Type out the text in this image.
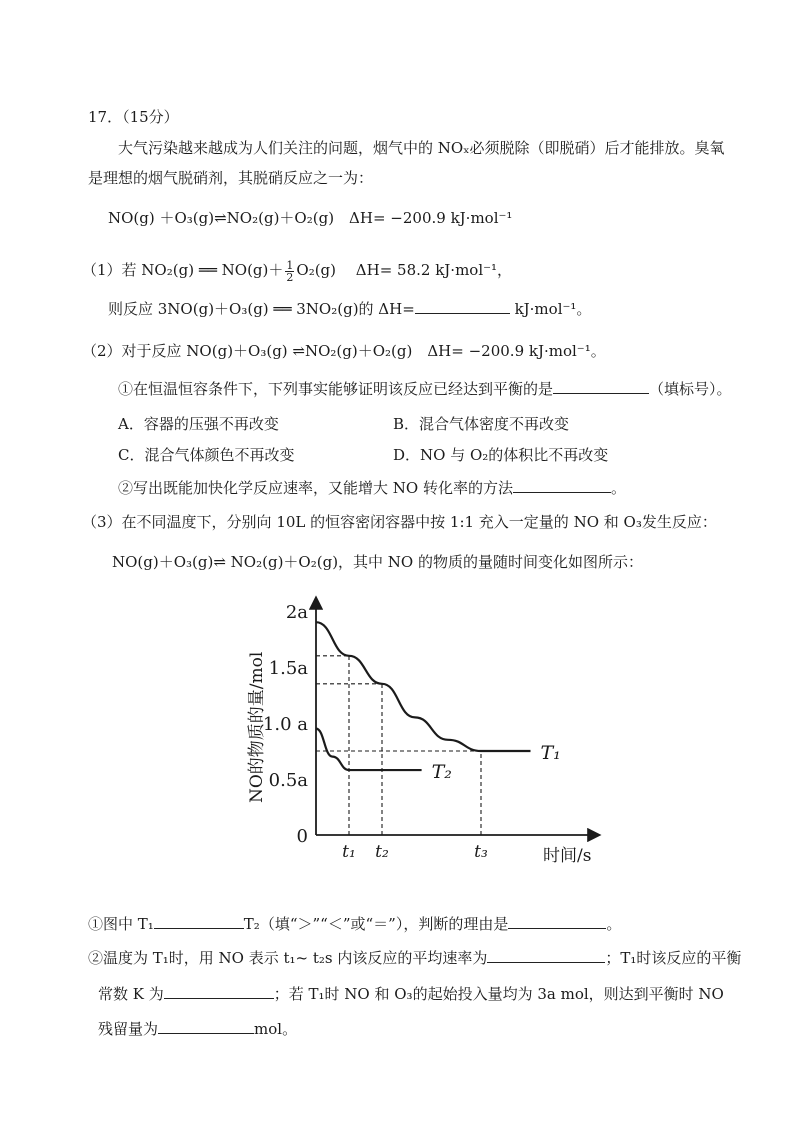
17．（15分）
大气污染越来越成为人们关注的问题，烟气中的 NOₓ必须脱除（即脱硝）后才能排放。臭氧
是理想的烟气脱硝剂，其脱硝反应之一为：
NO(g) ＋O₃(g)⇌NO₂(g)＋O₂(g)　ΔH= −200.9 kJ·mol⁻¹
（1）若 NO₂(g) ══ $NO(g)+ \frac{1}{2} O_2(g)$　 ΔH= 58.2 kJ·mol⁻¹，
则反应 3NO(g)＋O₃(g) ══ 3NO₂(g)的 ΔH=	kJ·mol⁻¹。
（2）对于反应 NO(g)＋O₃(g) ⇌NO₂(g)＋O₂(g)　ΔH= −200.9 kJ·mol⁻¹。
①在恒温恒容条件下，下列事实能够证明该反应已经达到平衡的是	（填标号）。
A．容器的压强不再改变	B．混合气体密度不再改变
C．混合气体颜色不再改变	D．NO 与 O₂的体积比不再改变
②写出既能加快化学反应速率，又能增大 NO 转化率的方法	。
（3）在不同温度下，分别向 10L 的恒容密闭容器中按 1:1 充入一定量的 NO 和 O₃发生反应：
NO(g)＋O₃(g)⇌ NO₂(g)＋O₂(g)，其中 NO 的物质的量随时间变化如图所示：
2a
1.5a
1.0 a
0.5a
0
t₁ t₂	t₃
T₁
T₂
NO的物质的量/mol
时间/s
①图中 T₁	T₂（填“＞”“＜”或“＝”），判断的理由是	。
②温度为 T₁时，用 NO 表示 t₁~ t₂s 内该反应的平均速率为	；T₁时该反应的平衡
常数 K 为	；若 T₁时 NO 和 O₃的起始投入量均为 3a mol，则达到平衡时 NO
残留量为	mol。
